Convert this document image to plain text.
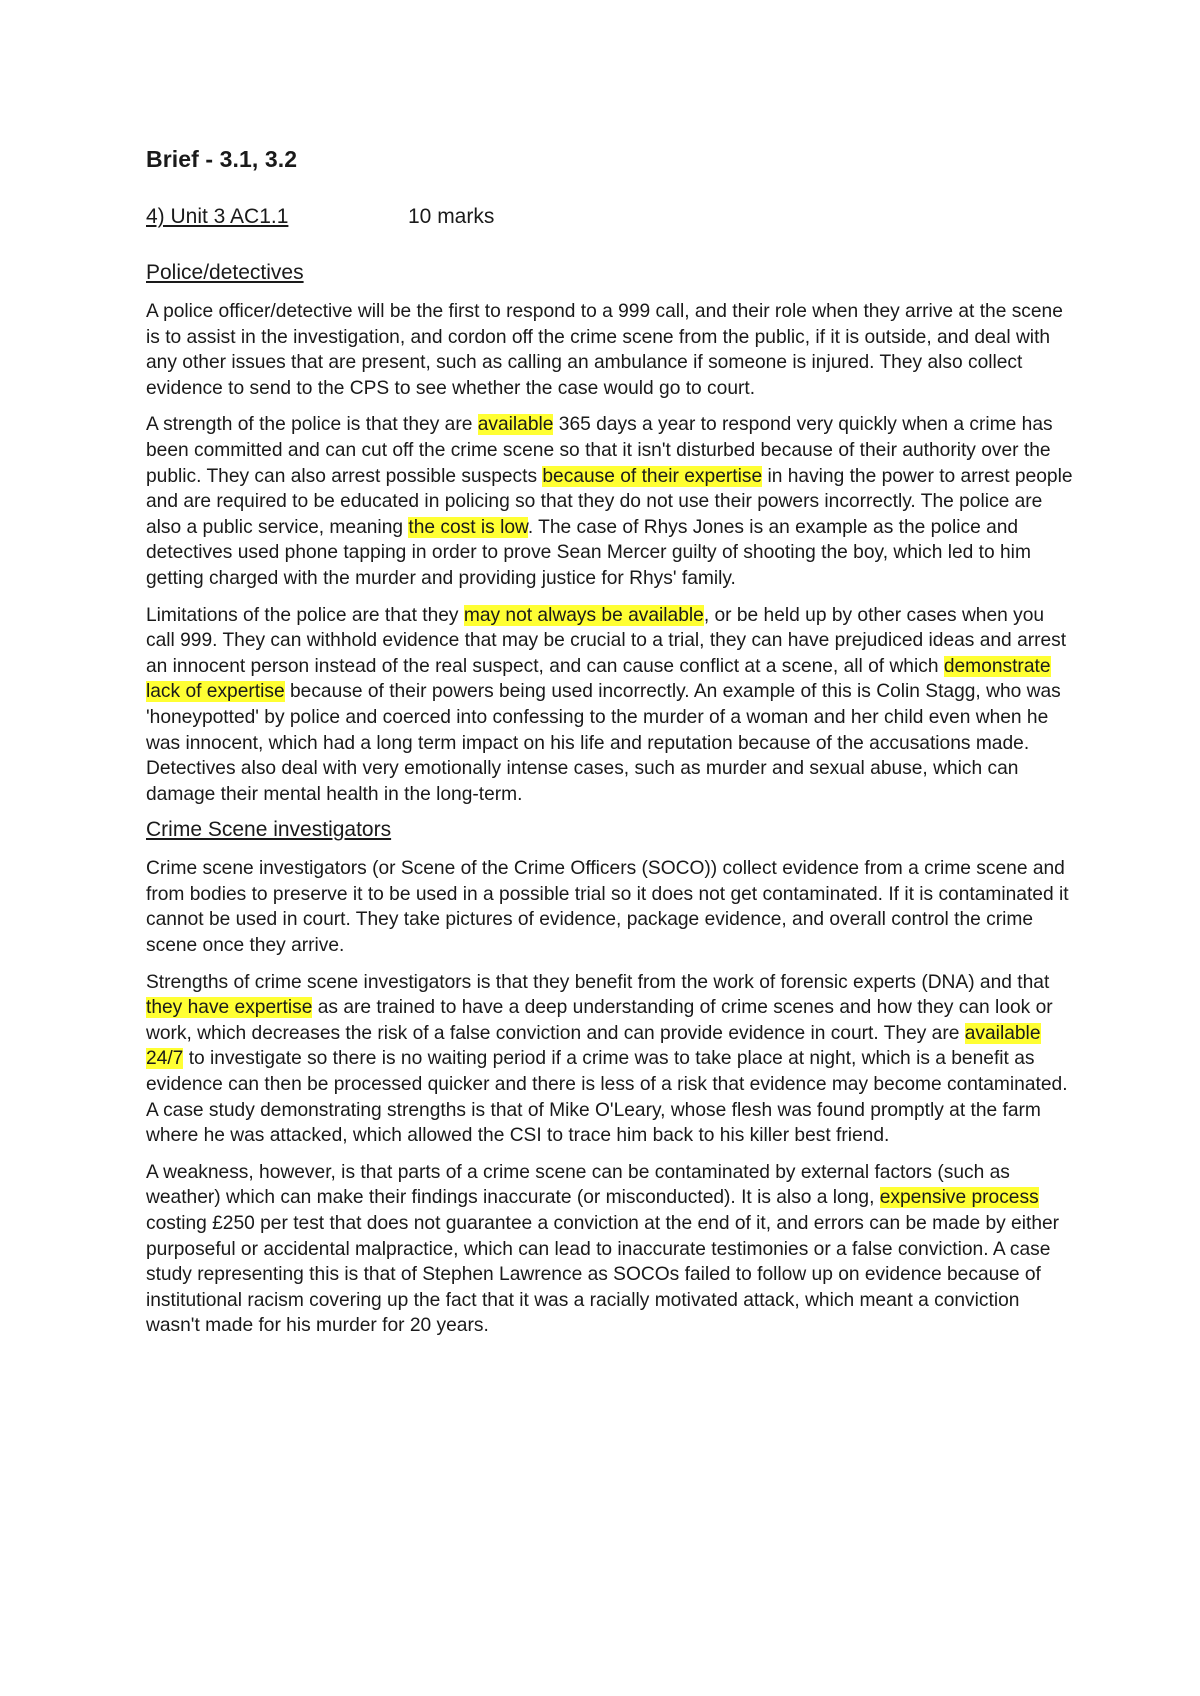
Brief - 3.1, 3.2
4) Unit 3 AC1.1	10 marks
Police/detectives

A police officer/detective will be the first to respond to a 999 call, and their role when they arrive at the scene is to assist in the investigation, and cordon off the crime scene from the public, if it is outside, and deal with any other issues that are present, such as calling an ambulance if someone is injured. They also collect evidence to send to the CPS to see whether the case would go to court.

A strength of the police is that they are available 365 days a year to respond very quickly when a crime has been committed and can cut off the crime scene so that it isn't disturbed because of their authority over the public. They can also arrest possible suspects because of their expertise in having the power to arrest people and are required to be educated in policing so that they do not use their powers incorrectly. The police are also a public service, meaning the cost is low. The case of Rhys Jones is an example as the police and detectives used phone tapping in order to prove Sean Mercer guilty of shooting the boy, which led to him getting charged with the murder and providing justice for Rhys' family.

Limitations of the police are that they may not always be available, or be held up by other cases when you call 999. They can withhold evidence that may be crucial to a trial, they can have prejudiced ideas and arrest an innocent person instead of the real suspect, and can cause conflict at a scene, all of which demonstrate lack of expertise because of their powers being used incorrectly. An example of this is Colin Stagg, who was 'honeypotted' by police and coerced into confessing to the murder of a woman and her child even when he was innocent, which had a long term impact on his life and reputation because of the accusations made. Detectives also deal with very emotionally intense cases, such as murder and sexual abuse, which can damage their mental health in the long-term.

Crime Scene investigators

Crime scene investigators (or Scene of the Crime Officers (SOCO)) collect evidence from a crime scene and from bodies to preserve it to be used in a possible trial so it does not get contaminated. If it is contaminated it cannot be used in court. They take pictures of evidence, package evidence, and overall control the crime scene once they arrive.

Strengths of crime scene investigators is that they benefit from the work of forensic experts (DNA) and that they have expertise as are trained to have a deep understanding of crime scenes and how they can look or work, which decreases the risk of a false conviction and can provide evidence in court. They are available 24/7 to investigate so there is no waiting period if a crime was to take place at night, which is a benefit as evidence can then be processed quicker and there is less of a risk that evidence may become contaminated. A case study demonstrating strengths is that of Mike O'Leary, whose flesh was found promptly at the farm where he was attacked, which allowed the CSI to trace him back to his killer best friend.

A weakness, however, is that parts of a crime scene can be contaminated by external factors (such as weather) which can make their findings inaccurate (or misconducted). It is also a long, expensive process costing £250 per test that does not guarantee a conviction at the end of it, and errors can be made by either purposeful or accidental malpractice, which can lead to inaccurate testimonies or a false conviction. A case study representing this is that of Stephen Lawrence as SOCOs failed to follow up on evidence because of institutional racism covering up the fact that it was a racially motivated attack, which meant a conviction wasn't made for his murder for 20 years.
